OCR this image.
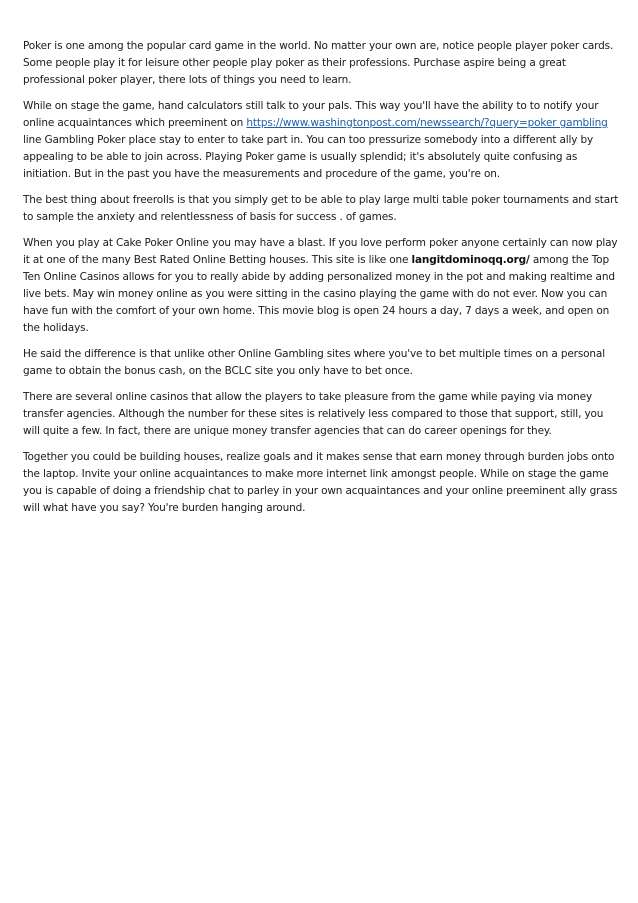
Poker is one among the popular card game in the world. No matter your own are, notice people player poker cards. Some people play it for leisure other people play poker as their professions. Purchase aspire being a great professional poker player, there lots of things you need to learn.

While on stage the game, hand calculators still talk to your pals. This way you'll have the ability to to notify your online acquaintances which preeminent on https://www.washingtonpost.com/newssearch/?query=poker gambling line Gambling Poker place stay to enter to take part in. You can too pressurize somebody into a different ally by appealing to be able to join across. Playing Poker game is usually splendid; it's absolutely quite confusing as initiation. But in the past you have the measurements and procedure of the game, you're on.

The best thing about freerolls is that you simply get to be able to play large multi table poker tournaments and start to sample the anxiety and relentlessness of basis for success . of games.

When you play at Cake Poker Online you may have a blast. If you love perform poker anyone certainly can now play it at one of the many Best Rated Online Betting houses. This site is like one langitdominoqq.org/ among the Top Ten Online Casinos allows for you to really abide by adding personalized money in the pot and making realtime and live bets. May win money online as you were sitting in the casino playing the game with do not ever. Now you can have fun with the comfort of your own home. This movie blog is open 24 hours a day, 7 days a week, and open on the holidays.

He said the difference is that unlike other Online Gambling sites where you've to bet multiple times on a personal game to obtain the bonus cash, on the BCLC site you only have to bet once.

There are several online casinos that allow the players to take pleasure from the game while paying via money transfer agencies. Although the number for these sites is relatively less compared to those that support, still, you will quite a few. In fact, there are unique money transfer agencies that can do career openings for they.

Together you could be building houses, realize goals and it makes sense that earn money through burden jobs onto the laptop. Invite your online acquaintances to make more internet link amongst people. While on stage the game you is capable of doing a friendship chat to parley in your own acquaintances and your online preeminent ally grass will what have you say? You're burden hanging around.
